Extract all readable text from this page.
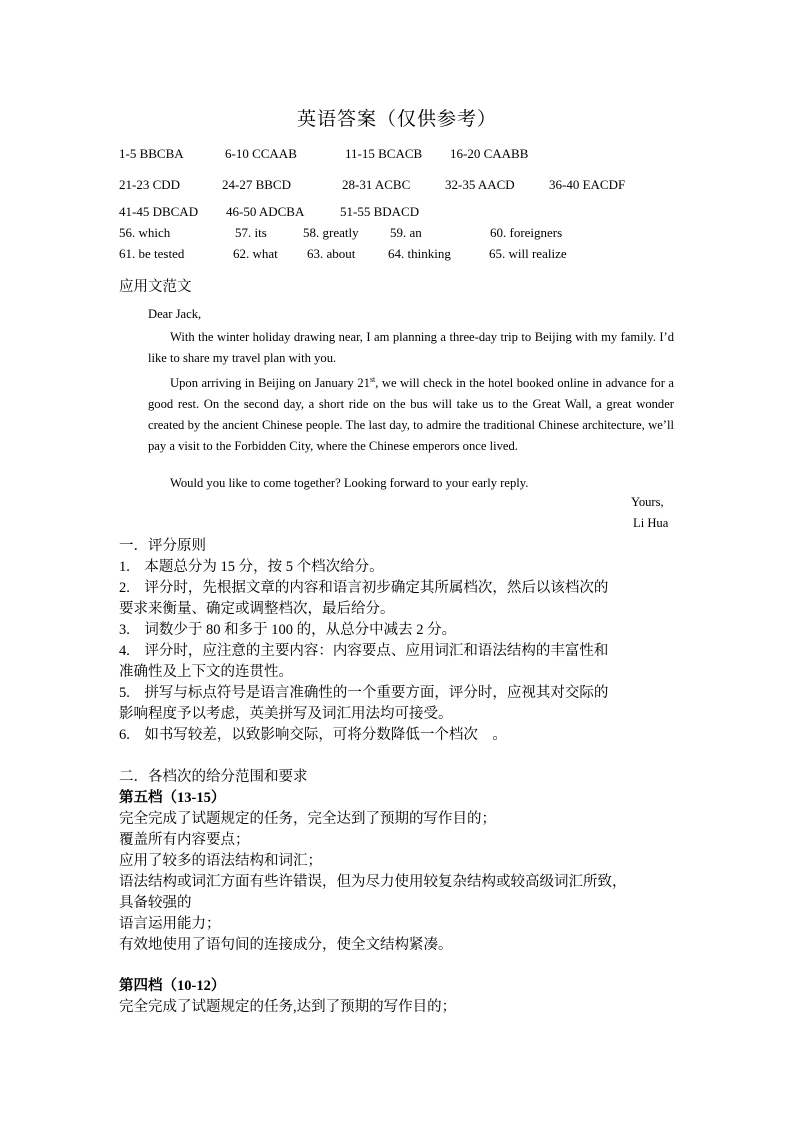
英语答案（仅供参考）
1-5 BBCBA	6-10 CCAAB	11-15 BCACB 16-20 CAABB
21-23 CDD	24-27 BBCD	28-31 ACBC	32-35 AACD	36-40 EACDF
41-45 DBCAD 46-50 ADCBA	51-55 BDACD
56. which	57. its	58. greatly 59. an	60. foreigners
61. be tested	62. what 63. about	64. thinking	65. will realize
应用文范文
Dear Jack,
With the winter holiday drawing near, I am planning a three-day trip to Beijing with my family. I’d like to share my travel plan with you.
Upon arriving in Beijing on January 21st, we will check in the hotel booked online in advance for a good rest. On the second day, a short ride on the bus will take us to the Great Wall, a great wonder created by the ancient Chinese people. The last day, to admire the traditional Chinese architecture, we’ll pay a visit to the Forbidden City, where the Chinese emperors once lived.
Would you like to come together? Looking forward to your early reply.
Yours,
Li Hua
一．评分原则
1.　本题总分为 15 分，按 5 个档次给分。
2.　评分时，先根据文章的内容和语言初步确定其所属档次，然后以该档次的
要求来衡量、确定或调整档次，最后给分。
3.　词数少于 80 和多于 100 的，从总分中减去 2 分。
4.　评分时，应注意的主要内容：内容要点、应用词汇和语法结构的丰富性和
准确性及上下文的连贯性。
5.　拼写与标点符号是语言准确性的一个重要方面，评分时，应视其对交际的
影响程度予以考虑，英美拼写及词汇用法均可接受。
6.　如书写较差，以致影响交际，可将分数降低一个档次　。
二．各档次的给分范围和要求
第五档（13-15）
完全完成了试题规定的任务，完全达到了预期的写作目的；
覆盖所有内容要点；
应用了较多的语法结构和词汇；
语法结构或词汇方面有些许错误，但为尽力使用较复杂结构或较高级词汇所致，
具备较强的
语言运用能力；
有效地使用了语句间的连接成分，使全文结构紧凑。
第四档（10-12）
完全完成了试题规定的任务,达到了预期的写作目的；
